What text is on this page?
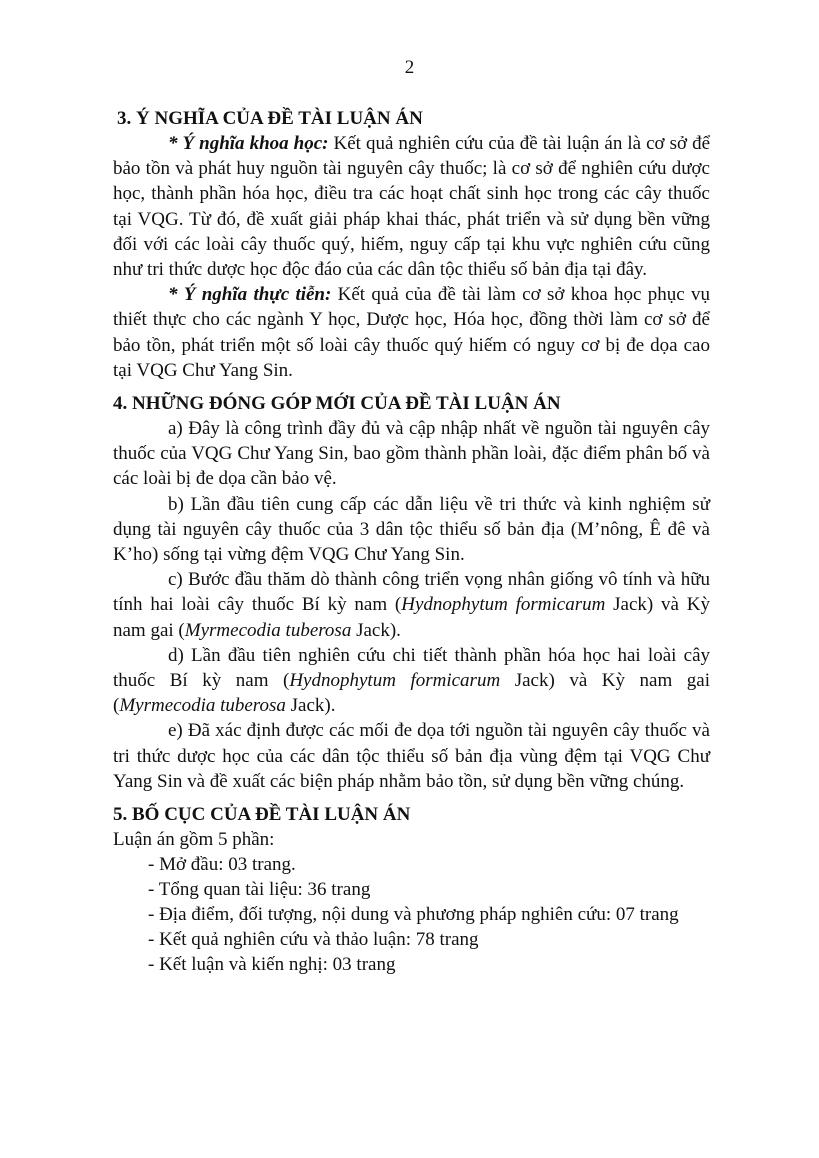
2
3. Ý NGHĨA CỦA ĐỀ TÀI LUẬN ÁN

* Ý nghĩa khoa học: Kết quả nghiên cứu của đề tài luận án là cơ sở để bảo tồn và phát huy nguồn tài nguyên cây thuốc; là cơ sở để nghiên cứu dược học, thành phần hóa học, điều tra các hoạt chất sinh học trong các cây thuốc tại VQG. Từ đó, đề xuất giải pháp khai thác, phát triển và sử dụng bền vững đối với các loài cây thuốc quý, hiếm, nguy cấp tại khu vực nghiên cứu cũng như tri thức dược học độc đáo của các dân tộc thiểu số bản địa tại đây.

* Ý nghĩa thực tiễn: Kết quả của đề tài làm cơ sở khoa học phục vụ thiết thực cho các ngành Y học, Dược học, Hóa học, đồng thời làm cơ sở để bảo tồn, phát triển một số loài cây thuốc quý hiếm có nguy cơ bị đe dọa cao tại VQG Chư Yang Sin.

4. NHỮNG ĐÓNG GÓP MỚI CỦA ĐỀ TÀI LUẬN ÁN

a) Đây là công trình đầy đủ và cập nhập nhất về nguồn tài nguyên cây thuốc của VQG Chư Yang Sin, bao gồm thành phần loài, đặc điểm phân bố và các loài bị đe dọa cần bảo vệ.

b) Lần đầu tiên cung cấp các dẫn liệu về tri thức và kinh nghiệm sử dụng tài nguyên cây thuốc của 3 dân tộc thiểu số bản địa (M’nông, Ê đê và K’ho) sống tại vừng đệm VQG Chư Yang Sin.

c) Bước đầu thăm dò thành công triển vọng nhân giống vô tính và hữu tính hai loài cây thuốc Bí kỳ nam (Hydnophytum formicarum Jack) và Kỳ nam gai (Myrmecodia tuberosa Jack).

d) Lần đầu tiên nghiên cứu chi tiết thành phần hóa học hai loài cây thuốc Bí kỳ nam (Hydnophytum formicarum Jack) và Kỳ nam gai (Myrmecodia tuberosa Jack).

e) Đã xác định được các mối đe dọa tới nguồn tài nguyên cây thuốc và tri thức dược học của các dân tộc thiểu số bản địa vùng đệm tại VQG Chư Yang Sin và đề xuất các biện pháp nhằm bảo tồn, sử dụng bền vững chúng.

5. BỐ CỤC CỦA ĐỀ TÀI LUẬN ÁN

Luận án gồm 5 phần:

- Mở đầu: 03 trang.
- Tổng quan tài liệu: 36 trang
- Địa điểm, đối tượng, nội dung và phương pháp nghiên cứu: 07 trang
- Kết quả nghiên cứu và thảo luận: 78 trang
- Kết luận và kiến nghị: 03 trang
